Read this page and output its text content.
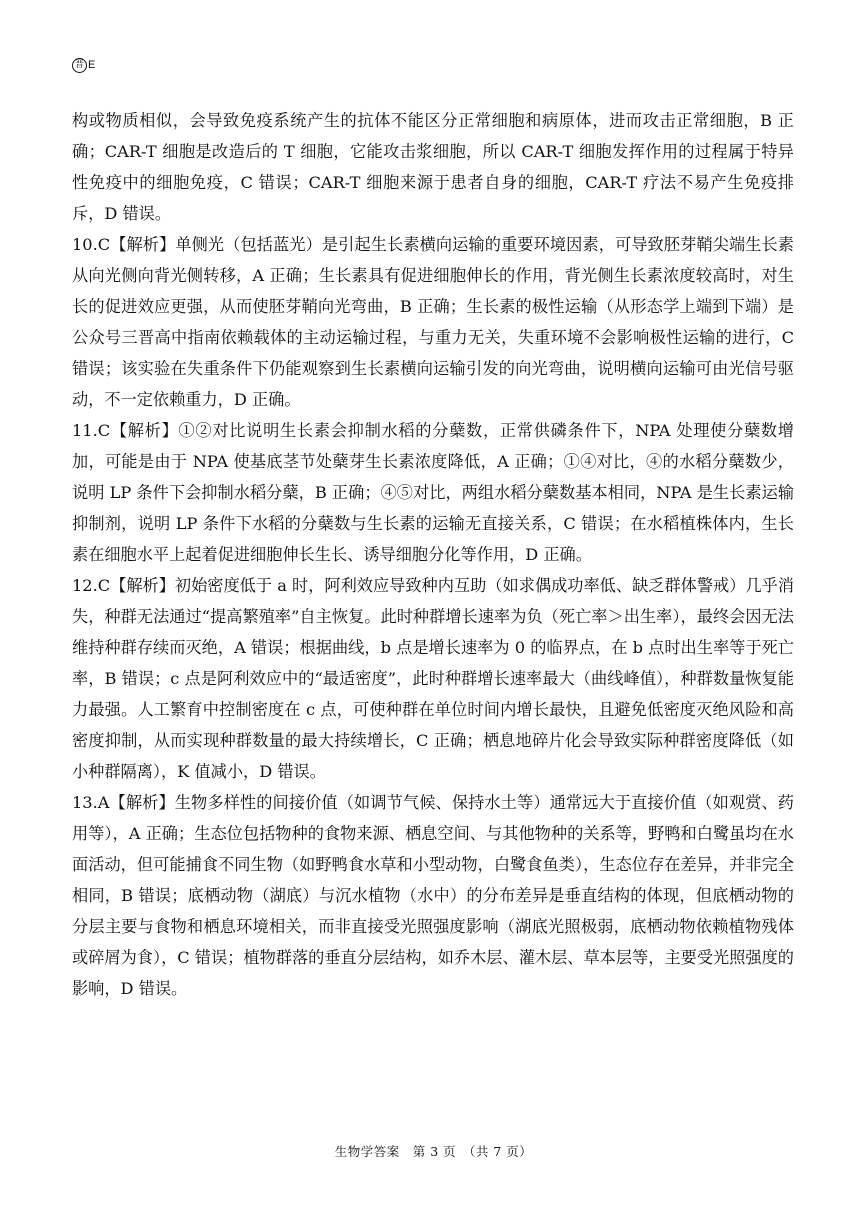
晋 E

构或物质相似，会导致免疫系统产生的抗体不能区分正常细胞和病原体，进而攻击正常细胞，B 正确；CAR-T 细胞是改造后的 T 细胞，它能攻击浆细胞，所以 CAR-T 细胞发挥作用的过程属于特异性免疫中的细胞免疫，C 错误；CAR-T 细胞来源于患者自身的细胞，CAR-T 疗法不易产生免疫排斥，D 错误。

10.C【解析】单侧光（包括蓝光）是引起生长素横向运输的重要环境因素，可导致胚芽鞘尖端生长素从向光侧向背光侧转移，A 正确；生长素具有促进细胞伸长的作用，背光侧生长素浓度较高时，对生长的促进效应更强，从而使胚芽鞘向光弯曲，B 正确；生长素的极性运输（从形态学上端到下端）是公众号三晋高中指南依赖载体的主动运输过程，与重力无关，失重环境不会影响极性运输的进行，C 错误；该实验在失重条件下仍能观察到生长素横向运输引发的向光弯曲，说明横向运输可由光信号驱动，不一定依赖重力，D 正确。

11.C【解析】①②对比说明生长素会抑制水稻的分蘖数，正常供磷条件下，NPA 处理使分蘖数增加，可能是由于 NPA 使基底茎节处蘖芽生长素浓度降低，A 正确；①④对比，④的水稻分蘖数少，说明 LP 条件下会抑制水稻分蘖，B 正确；④⑤对比，两组水稻分蘖数基本相同，NPA 是生长素运输抑制剂，说明 LP 条件下水稻的分蘖数与生长素的运输无直接关系，C 错误；在水稻植株体内，生长素在细胞水平上起着促进细胞伸长生长、诱导细胞分化等作用，D 正确。

12.C【解析】初始密度低于 a 时，阿利效应导致种内互助（如求偶成功率低、缺乏群体警戒）几乎消失，种群无法通过“提高繁殖率”自主恢复。此时种群增长速率为负（死亡率＞出生率），最终会因无法维持种群存续而灭绝，A 错误；根据曲线，b 点是增长速率为 0 的临界点，在 b 点时出生率等于死亡率，B 错误；c 点是阿利效应中的“最适密度”，此时种群增长速率最大（曲线峰值），种群数量恢复能力最强。人工繁育中控制密度在 c 点，可使种群在单位时间内增长最快，且避免低密度灭绝风险和高密度抑制，从而实现种群数量的最大持续增长，C 正确；栖息地碎片化会导致实际种群密度降低（如小种群隔离），K 值减小，D 错误。

13.A【解析】生物多样性的间接价值（如调节气候、保持水土等）通常远大于直接价值（如观赏、药用等），A 正确；生态位包括物种的食物来源、栖息空间、与其他物种的关系等，野鸭和白鹭虽均在水面活动，但可能捕食不同生物（如野鸭食水草和小型动物，白鹭食鱼类），生态位存在差异，并非完全相同，B 错误；底栖动物（湖底）与沉水植物（水中）的分布差异是垂直结构的体现，但底栖动物的分层主要与食物和栖息环境相关，而非直接受光照强度影响（湖底光照极弱，底栖动物依赖植物残体或碎屑为食），C 错误；植物群落的垂直分层结构，如乔木层、灌木层、草本层等，主要受光照强度的影响，D 错误。

生物学答案　第 3 页　（共 7 页）
